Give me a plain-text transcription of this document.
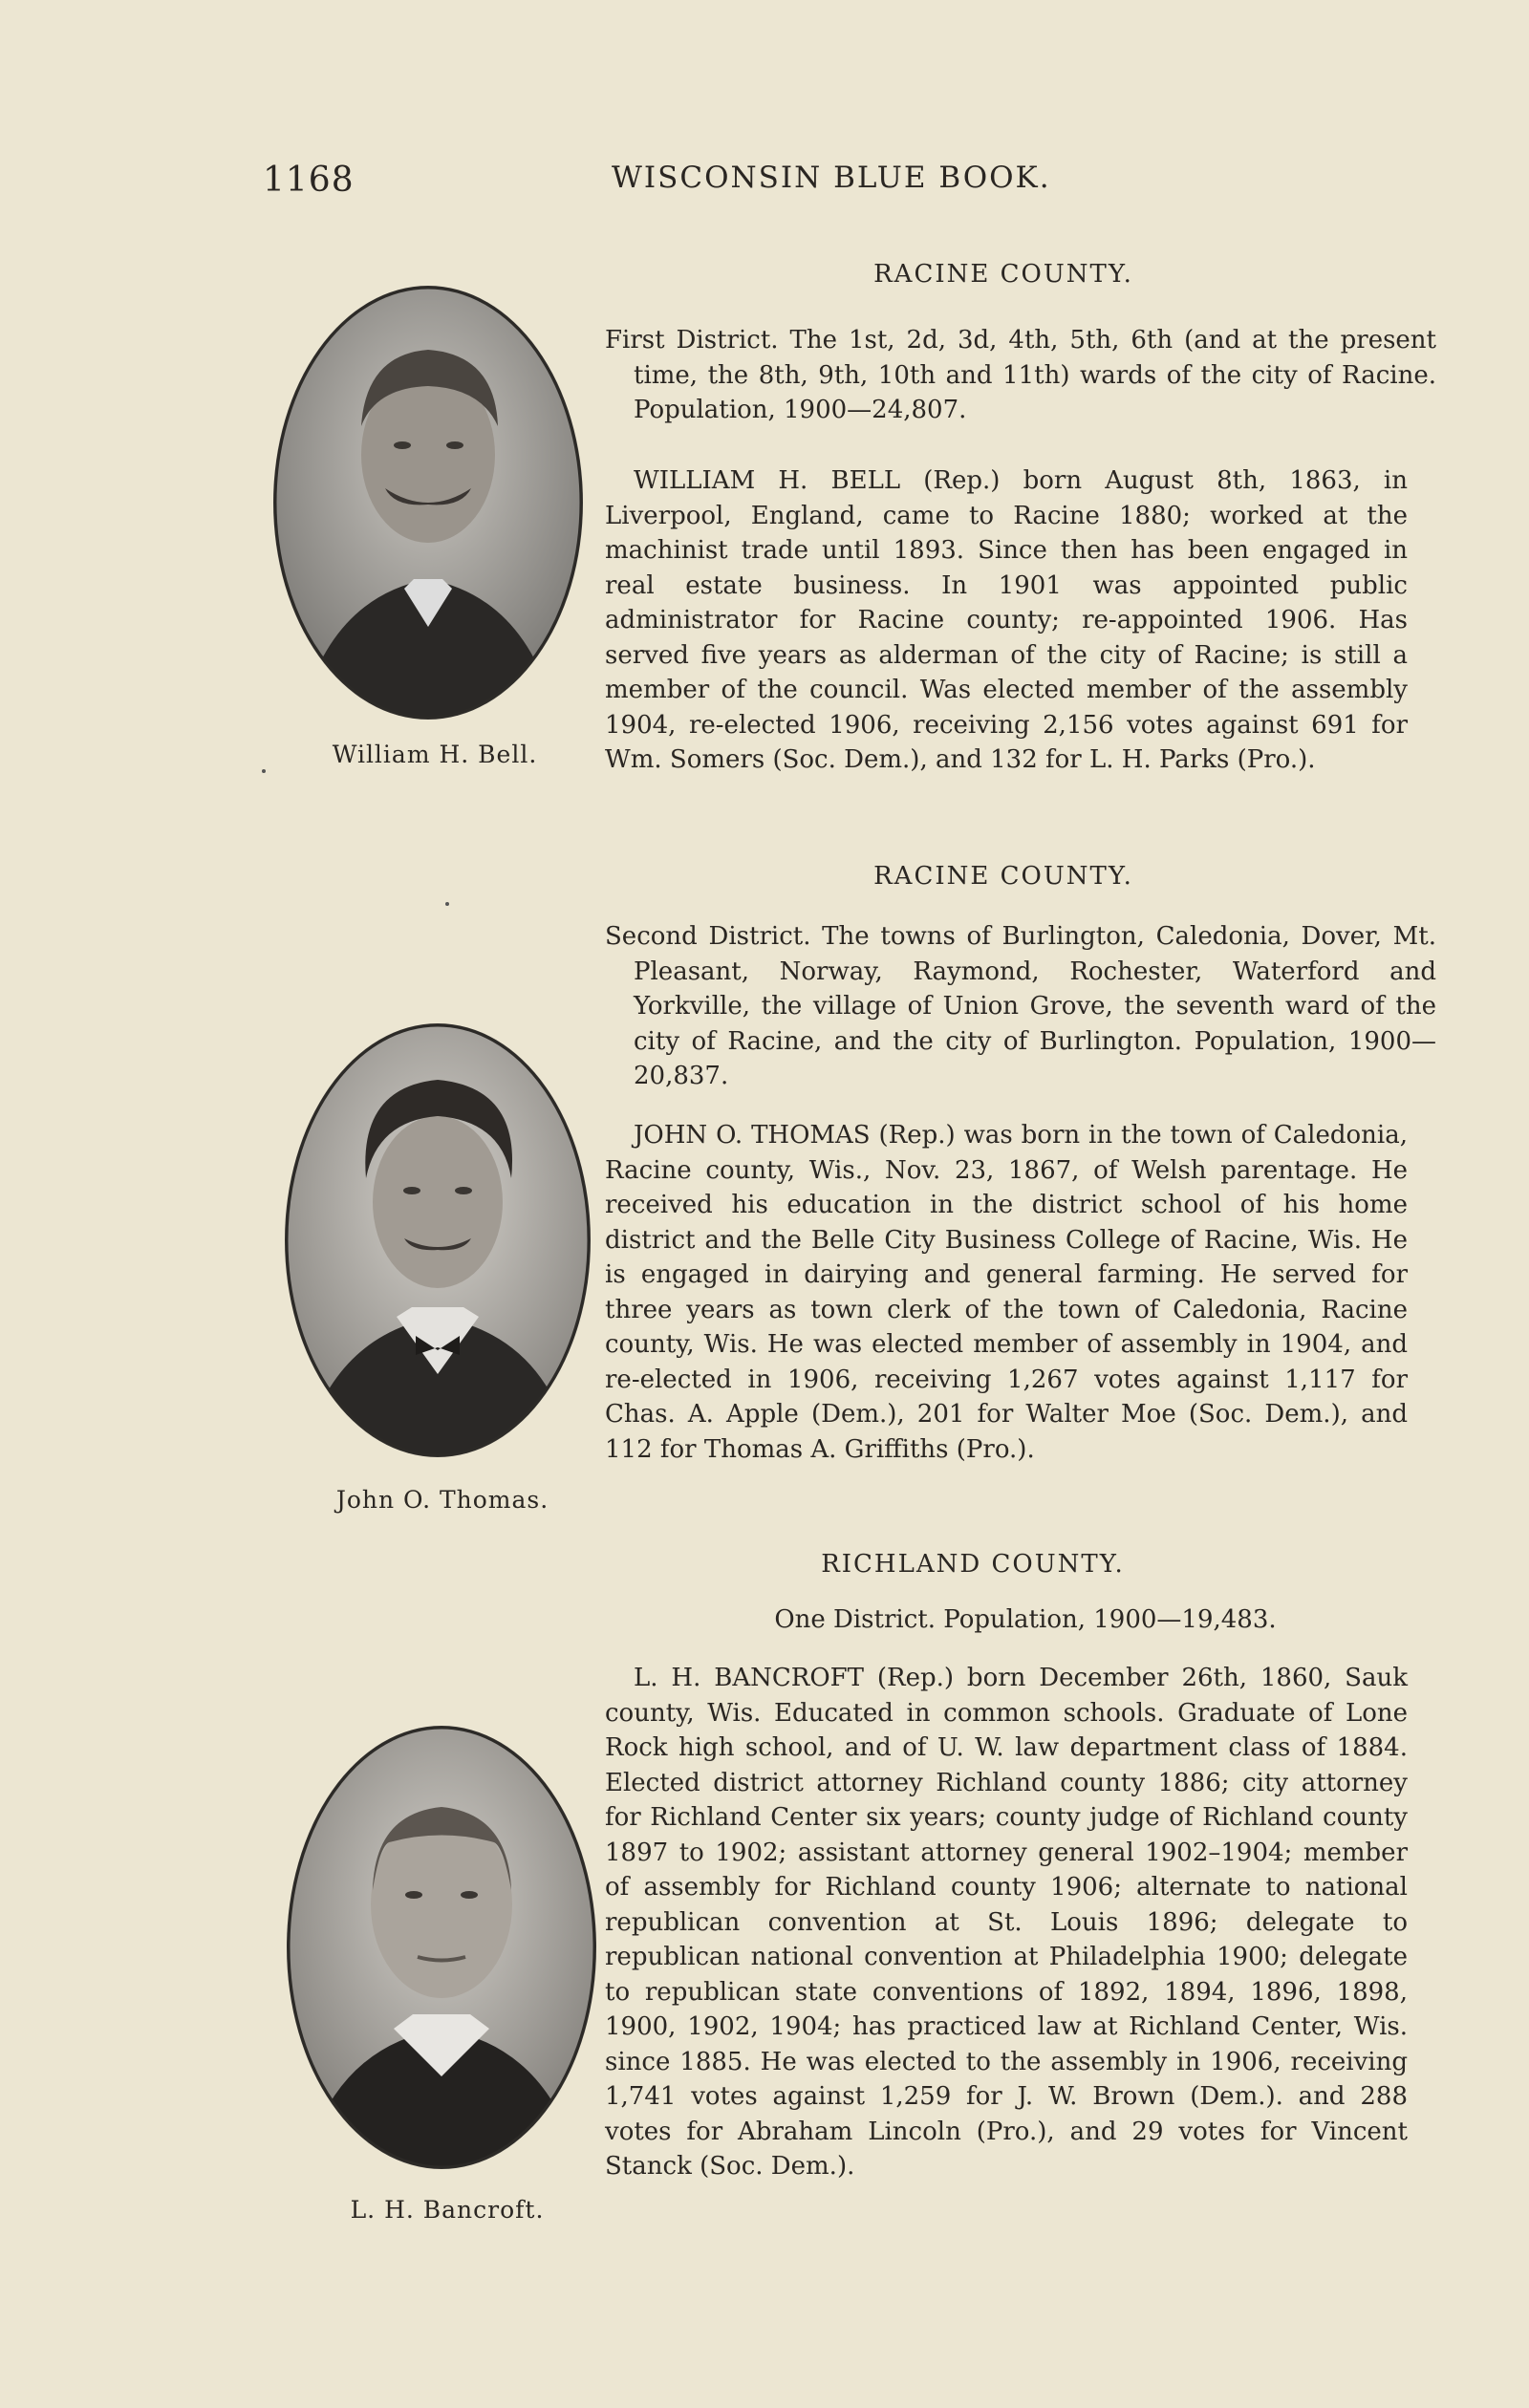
1168	WISCONSIN BLUE BOOK.
RACINE COUNTY.
William H. Bell.
First District. The 1st, 2d, 3d, 4th, 5th, 6th (and at the present time, the 8th, 9th, 10th and 11th) wards of the city of Racine. Population, 1900—24,807.
WILLIAM H. BELL (Rep.) born August 8th, 1863, in Liverpool, England, came to Racine 1880; worked at the machinist trade until 1893. Since then has been engaged in real estate business. In 1901 was appointed public administrator for Racine county; re-appointed 1906. Has served five years as alderman of the city of Racine; is still a member of the council. Was elected member of the assembly 1904, re-elected 1906, receiving 2,156 votes against 691 for Wm. Somers (Soc. Dem.), and 132 for L. H. Parks (Pro.).
RACINE COUNTY.
John O. Thomas.
Second District. The towns of Burlington, Caledonia, Dover, Mt. Pleasant, Norway, Raymond, Rochester, Waterford and Yorkville, the village of Union Grove, the seventh ward of the city of Racine, and the city of Burlington. Population, 1900—20,837.
JOHN O. THOMAS (Rep.) was born in the town of Caledonia, Racine county, Wis., Nov. 23, 1867, of Welsh parentage. He received his education in the district school of his home district and the Belle City Business College of Racine, Wis. He is engaged in dairying and general farming. He served for three years as town clerk of the town of Caledonia, Racine county, Wis. He was elected member of assembly in 1904, and re-elected in 1906, receiving 1,267 votes against 1,117 for Chas. A. Apple (Dem.), 201 for Walter Moe (Soc. Dem.), and 112 for Thomas A. Griffiths (Pro.).
RICHLAND COUNTY.
One District. Population, 1900—19,483.
L. H. Bancroft.
L. H. BANCROFT (Rep.) born December 26th, 1860, Sauk county, Wis. Educated in common schools. Graduate of Lone Rock high school, and of U. W. law department class of 1884. Elected district attorney Richland county 1886; city attorney for Richland Center six years; county judge of Richland county 1897 to 1902; assistant attorney general 1902–1904; member of assembly for Richland county 1906; alternate to national republican convention at St. Louis 1896; delegate to republican national convention at Philadelphia 1900; delegate to republican state conventions of 1892, 1894, 1896, 1898, 1900, 1902, 1904; has practiced law at Richland Center, Wis. since 1885. He was elected to the assembly in 1906, receiving 1,741 votes against 1,259 for J. W. Brown (Dem.). and 288 votes for Abraham Lincoln (Pro.), and 29 votes for Vincent Stanck (Soc. Dem.).
